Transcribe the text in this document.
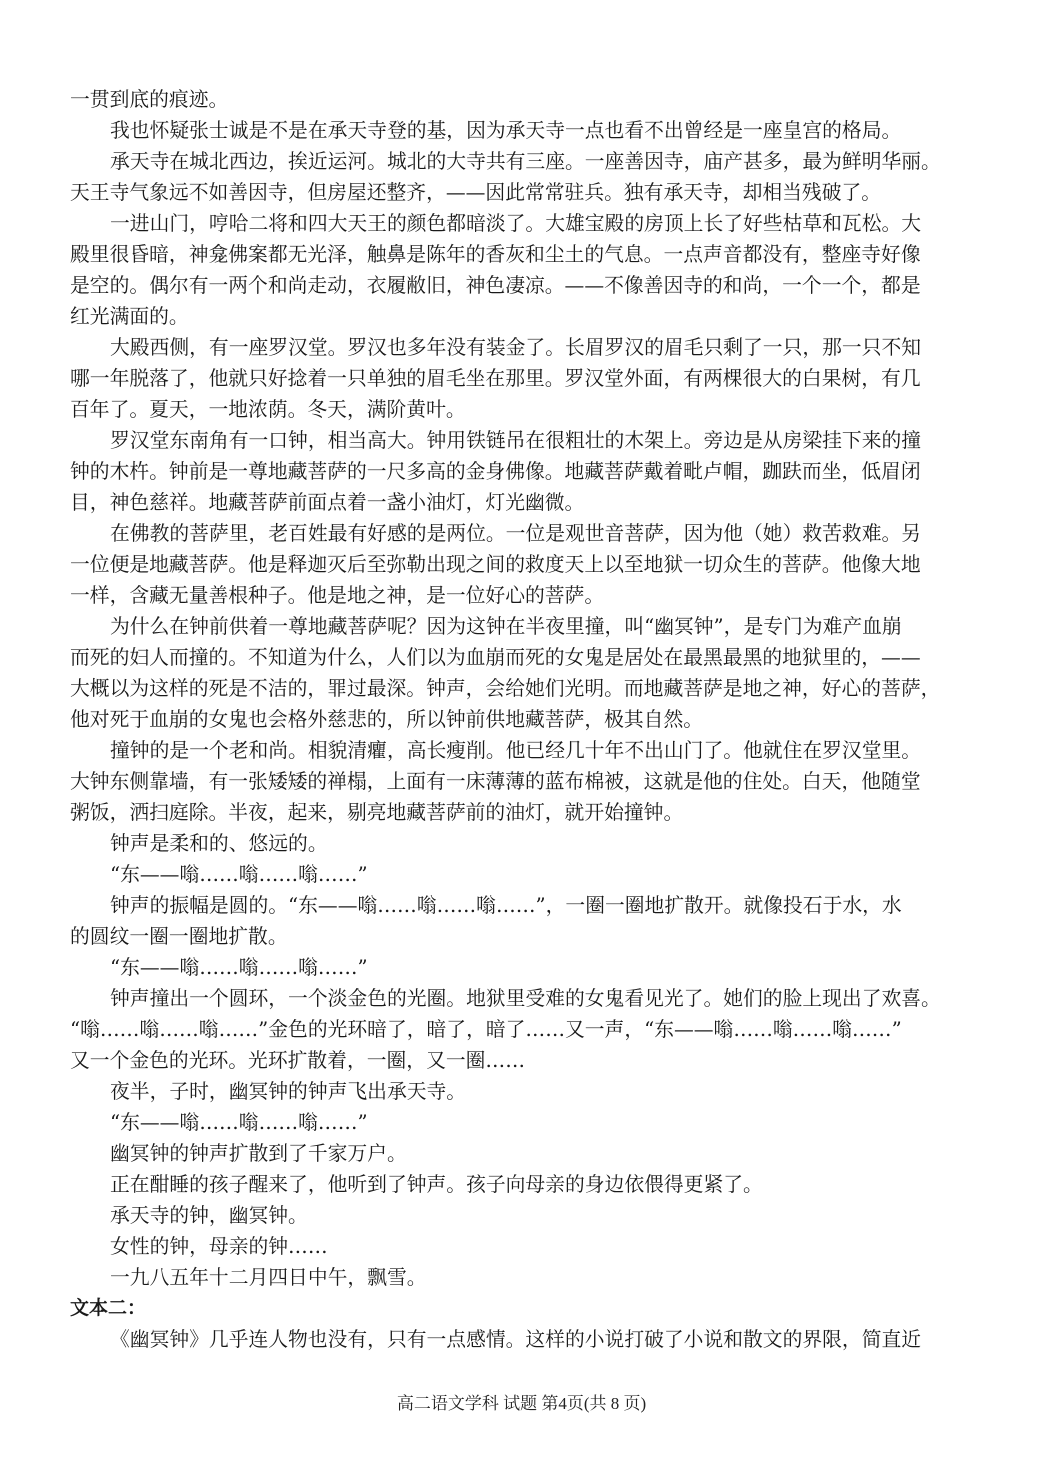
一贯到底的痕迹。
我也怀疑张士诚是不是在承天寺登的基，因为承天寺一点也看不出曾经是一座皇宫的格局。
承天寺在城北西边，挨近运河。城北的大寺共有三座。一座善因寺，庙产甚多，最为鲜明华丽。
天王寺气象远不如善因寺，但房屋还整齐，——因此常常驻兵。独有承天寺，却相当残破了。
一进山门，哼哈二将和四大天王的颜色都暗淡了。大雄宝殿的房顶上长了好些枯草和瓦松。大
殿里很昏暗，神龛佛案都无光泽，触鼻是陈年的香灰和尘土的气息。一点声音都没有，整座寺好像
是空的。偶尔有一两个和尚走动，衣履敝旧，神色凄凉。——不像善因寺的和尚，一个一个，都是
红光满面的。
大殿西侧，有一座罗汉堂。罗汉也多年没有装金了。长眉罗汉的眉毛只剩了一只，那一只不知
哪一年脱落了，他就只好捻着一只单独的眉毛坐在那里。罗汉堂外面，有两棵很大的白果树，有几
百年了。夏天，一地浓荫。冬天，满阶黄叶。
罗汉堂东南角有一口钟，相当高大。钟用铁链吊在很粗壮的木架上。旁边是从房梁挂下来的撞
钟的木杵。钟前是一尊地藏菩萨的一尺多高的金身佛像。地藏菩萨戴着毗卢帽，跏趺而坐，低眉闭
目，神色慈祥。地藏菩萨前面点着一盏小油灯，灯光幽微。
在佛教的菩萨里，老百姓最有好感的是两位。一位是观世音菩萨，因为他（她）救苦救难。另
一位便是地藏菩萨。他是释迦灭后至弥勒出现之间的救度天上以至地狱一切众生的菩萨。他像大地
一样，含藏无量善根种子。他是地之神，是一位好心的菩萨。
为什么在钟前供着一尊地藏菩萨呢？因为这钟在半夜里撞，叫“幽冥钟”，是专门为难产血崩
而死的妇人而撞的。不知道为什么，人们以为血崩而死的女鬼是居处在最黑最黑的地狱里的，——
大概以为这样的死是不洁的，罪过最深。钟声，会给她们光明。而地藏菩萨是地之神，好心的菩萨，
他对死于血崩的女鬼也会格外慈悲的，所以钟前供地藏菩萨，极其自然。
撞钟的是一个老和尚。相貌清癯，高长瘦削。他已经几十年不出山门了。他就住在罗汉堂里。
大钟东侧靠墙，有一张矮矮的禅榻，上面有一床薄薄的蓝布棉被，这就是他的住处。白天，他随堂
粥饭，洒扫庭除。半夜，起来，剔亮地藏菩萨前的油灯，就开始撞钟。
钟声是柔和的、悠远的。
“东——嗡……嗡……嗡……”
钟声的振幅是圆的。“东——嗡……嗡……嗡……”，一圈一圈地扩散开。就像投石于水，水
的圆纹一圈一圈地扩散。
“东——嗡……嗡……嗡……”
钟声撞出一个圆环，一个淡金色的光圈。地狱里受难的女鬼看见光了。她们的脸上现出了欢喜。
“嗡……嗡……嗡……”金色的光环暗了，暗了，暗了……又一声，“东——嗡……嗡……嗡……”
又一个金色的光环。光环扩散着，一圈，又一圈……
夜半，子时，幽冥钟的钟声飞出承天寺。
“东——嗡……嗡……嗡……”
幽冥钟的钟声扩散到了千家万户。
正在酣睡的孩子醒来了，他听到了钟声。孩子向母亲的身边依偎得更紧了。
承天寺的钟，幽冥钟。
女性的钟，母亲的钟……
一九八五年十二月四日中午，飘雪。
文本二：
《幽冥钟》几乎连人物也没有，只有一点感情。这样的小说打破了小说和散文的界限，简直近
高二语文学科 试题 第4页(共 8 页)
